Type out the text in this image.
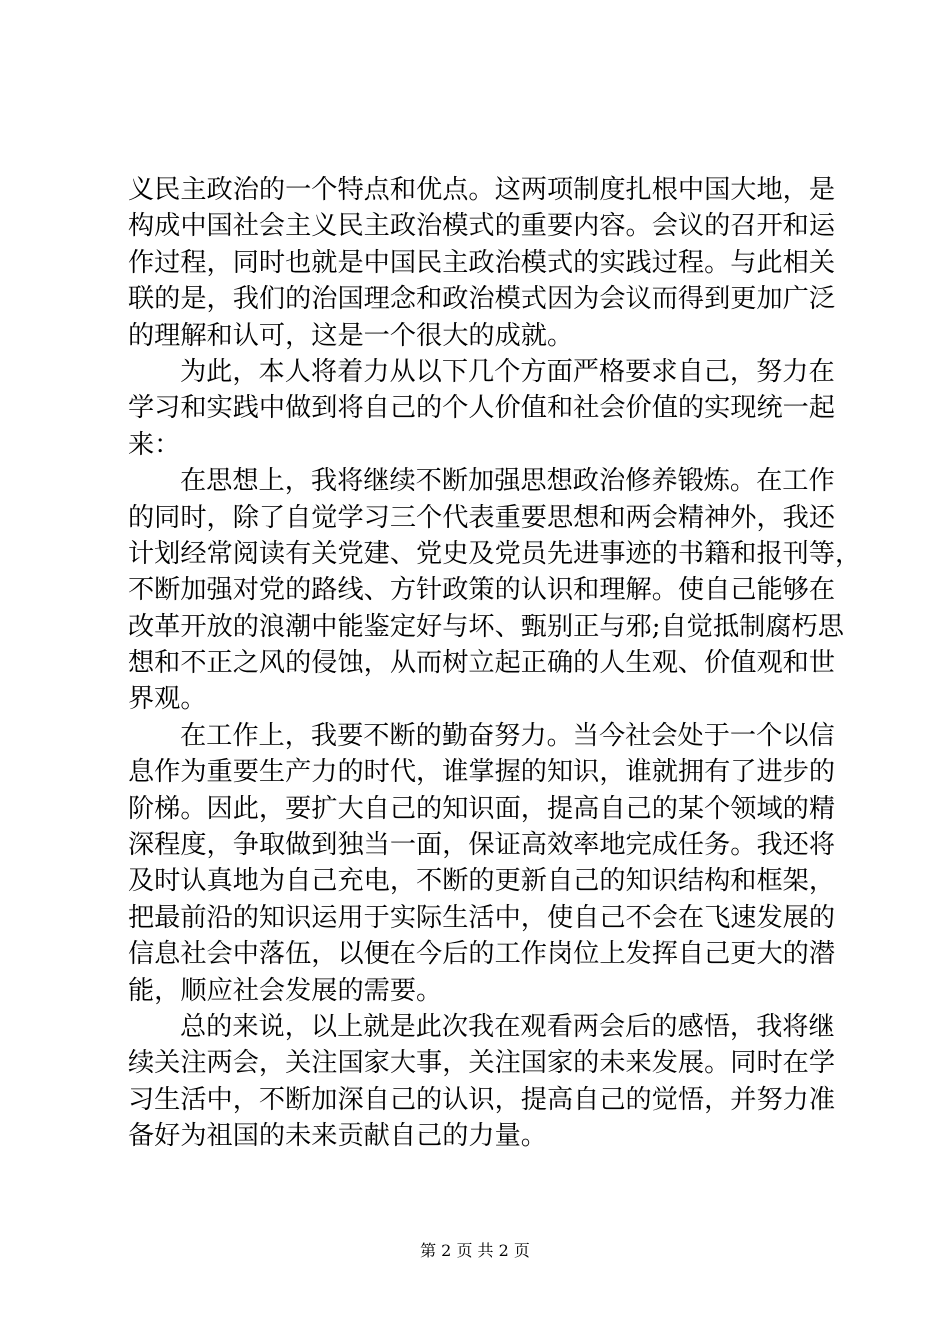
义民主政治的一个特点和优点。这两项制度扎根中国大地，是
构成中国社会主义民主政治模式的重要内容。会议的召开和运
作过程，同时也就是中国民主政治模式的实践过程。与此相关
联的是，我们的治国理念和政治模式因为会议而得到更加广泛
的理解和认可，这是一个很大的成就。
为此，本人将着力从以下几个方面严格要求自己，努力在
学习和实践中做到将自己的个人价值和社会价值的实现统一起
来：
在思想上，我将继续不断加强思想政治修养锻炼。在工作
的同时，除了自觉学习三个代表重要思想和两会精神外，我还
计划经常阅读有关党建、党史及党员先进事迹的书籍和报刊等，
不断加强对党的路线、方针政策的认识和理解。使自己能够在
改革开放的浪潮中能鉴定好与坏、甄别正与邪;自觉抵制腐朽思
想和不正之风的侵蚀，从而树立起正确的人生观、价值观和世
界观。
在工作上，我要不断的勤奋努力。当今社会处于一个以信
息作为重要生产力的时代，谁掌握的知识，谁就拥有了进步的
阶梯。因此，要扩大自己的知识面，提高自己的某个领域的精
深程度，争取做到独当一面，保证高效率地完成任务。我还将
及时认真地为自己充电，不断的更新自己的知识结构和框架，
把最前沿的知识运用于实际生活中，使自己不会在飞速发展的
信息社会中落伍，以便在今后的工作岗位上发挥自己更大的潜
能，顺应社会发展的需要。
总的来说，以上就是此次我在观看两会后的感悟，我将继
续关注两会，关注国家大事，关注国家的未来发展。同时在学
习生活中，不断加深自己的认识，提高自己的觉悟，并努力准
备好为祖国的未来贡献自己的力量。
第 2 页 共 2 页
